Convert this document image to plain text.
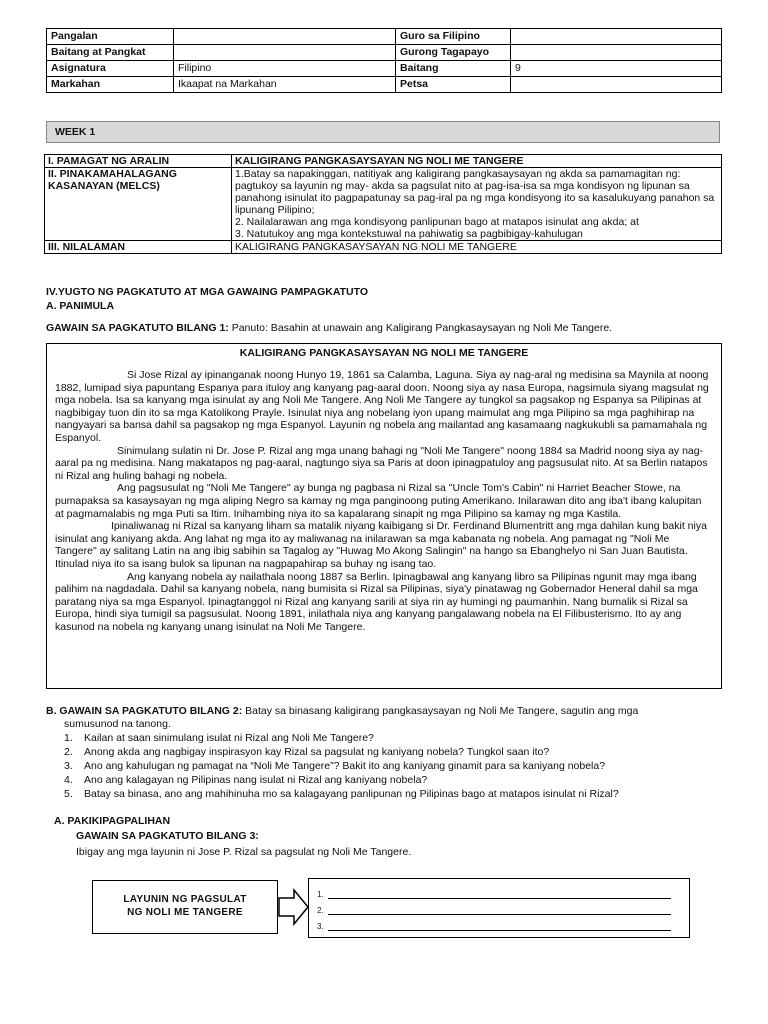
Pangalan		Guro sa Filipino	
Baitang at Pangkat		Gurong Tagapayo	
Asignatura	Filipino	Baitang	9
Markahan	Ikaapat na Markahan	Petsa	
WEEK 1
I. PAMAGAT NG ARALIN	KALIGIRANG PANGKASAYSAYAN NG NOLI ME TANGERE
II. PINAKAMAHALAGANG KASANAYAN (MELCS)	1.Batay sa napakinggan, natitiyak ang kaligirang pangkasaysayan ng akda sa pamamagitan ng: pagtukoy sa layunin ng may- akda sa pagsulat nito at pag-isa-isa sa mga kondisyon ng lipunan sa panahong isinulat ito pagpapatunay sa pag-iral pa ng mga kondisyong ito sa kasalukuyang panahon sa lipunang Pilipino;
2. Nailalarawan ang mga kondisyong panlipunan bago at matapos isinulat ang akda; at
3. Natutukoy ang mga kontekstuwal na pahiwatig sa pagbibigay-kahulugan

III. NILALAMAN	KALIGIRANG PANGKASAYSAYAN NG NOLI ME TANGERE
IV.YUGTO NG PAGKATUTO AT MGA GAWAING PAMPAGKATUTO
A. PANIMULA
GAWAIN SA PAGKATUTO BILANG 1: Panuto: Basahin at unawain ang Kaligirang Pangkasaysayan ng Noli Me Tangere.
KALIGIRANG PANGKASAYSAYAN NG NOLI ME TANGERE

Si Jose Rizal ay ipinanganak noong Hunyo 19, 1861 sa Calamba, Laguna. Siya ay nag-aral ng medisina sa Maynila at noong 1882, lumipad siya papuntang Espanya para ituloy ang kanyang pag-aaral doon. Noong siya ay nasa Europa, nagsimula siyang magsulat ng mga nobela. Isa sa kanyang mga isinulat ay ang Noli Me Tangere. Ang Noli Me Tangere ay tungkol sa pagsakop ng Espanya sa Pilipinas at nagbibigay tuon din ito sa mga Katolikong Prayle. Isinulat niya ang nobelang iyon upang maimulat ang mga Pilipino sa mga paghihirap na nangyayari sa bansa dahil sa pagsakop ng mga Espanyol. Layunin ng nobela ang mailantad ang kasamaang nagkukubli sa pamamahala ng Espanyol.

Sinimulang sulatin ni Dr. Jose P. Rizal ang mga unang bahagi ng "Noli Me Tangere" noong 1884 sa Madrid noong siya ay nag-aaral pa ng medisina. Nang makatapos ng pag-aaral, nagtungo siya sa Paris at doon ipinagpatuloy ang pagsusulat nito. At sa Berlin natapos ni Rizal ang huling bahagi ng nobela.

Ang pagsusulat ng "Noli Me Tangere" ay bunga ng pagbasa ni Rizal sa "Uncle Tom's Cabin" ni Harriet Beacher Stowe, na pumapaksa sa kasaysayan ng mga aliping Negro sa kamay ng mga panginoong puting Amerikano. Inilarawan dito ang iba't ibang kalupitan at pagmamalabis ng mga Puti sa Itim. Inihambing niya ito sa kapalarang sinapit ng mga Pilipino sa kamay ng mga Kastila.

Ipinaliwanag ni Rizal sa kanyang liham sa matalik niyang kaibigang si Dr. Ferdinand Blumentritt ang mga dahilan kung bakit niya isinulat ang kaniyang akda. Ang lahat ng mga ito ay maliwanag na inilarawan sa mga kabanata ng nobela. Ang pamagat ng "Noli Me Tangere" ay salitang Latin na ang ibig sabihin sa Tagalog ay "Huwag Mo Akong Salingin" na hango sa Ebanghelyo ni San Juan Bautista. Itinulad niya ito sa isang bulok sa lipunan na nagpapahirap sa buhay ng isang tao.

Ang kanyang nobela ay nailathala noong 1887 sa Berlin. Ipinagbawal ang kanyang libro sa Pilipinas ngunit may mga ibang palihim na nagdadala. Dahil sa kanyang nobela, nang bumisita si Rizal sa Pilipinas, siya'y pinatawag ng Gobernador Heneral dahil sa mga paratang niya sa mga Espanyol. Ipinagtanggol ni Rizal ang kanyang sarili at siya rin ay humingi ng paumanhin. Nang bumalik si Rizal sa Europa, hindi siya tumigil sa pagsusulat. Noong 1891, inilathala niya ang kanyang pangalawang nobela na El Filibusterismo. Ito ay ang kasunod na nobela ng kanyang unang isinulat na Noli Me Tangere.

B. GAWAIN SA PAGKATUTO BILANG 2: Batay sa binasang kaligirang pangkasaysayan ng Noli Me Tangere, sagutin ang mga
sumusunod na tanong.
1.	Kailan at saan sinimulang isulat ni Rizal ang Noli Me Tangere?
2.	Anong akda ang nagbigay inspirasyon kay Rizal sa pagsulat ng kaniyang nobela? Tungkol saan ito?
3.	Ano ang kahulugan ng pamagat na “Noli Me Tangere”? Bakit ito ang kaniyang ginamit para sa kaniyang nobela?
4.	Ano ang kalagayan ng Pilipinas nang isulat ni Rizal ang kaniyang nobela?
5.	Batay sa binasa, ano ang mahihinuha mo sa kalagayang panlipunan ng Pilipinas bago at matapos isinulat ni Rizal?
A. PAKIKIPAGPALIHAN
GAWAIN SA PAGKATUTO BILANG 3:
Ibigay ang mga layunin ni Jose P. Rizal sa pagsulat ng Noli Me Tangere.
LAYUNIN NG PAGSULAT
NG NOLI ME TANGERE
1.
2.
3.
